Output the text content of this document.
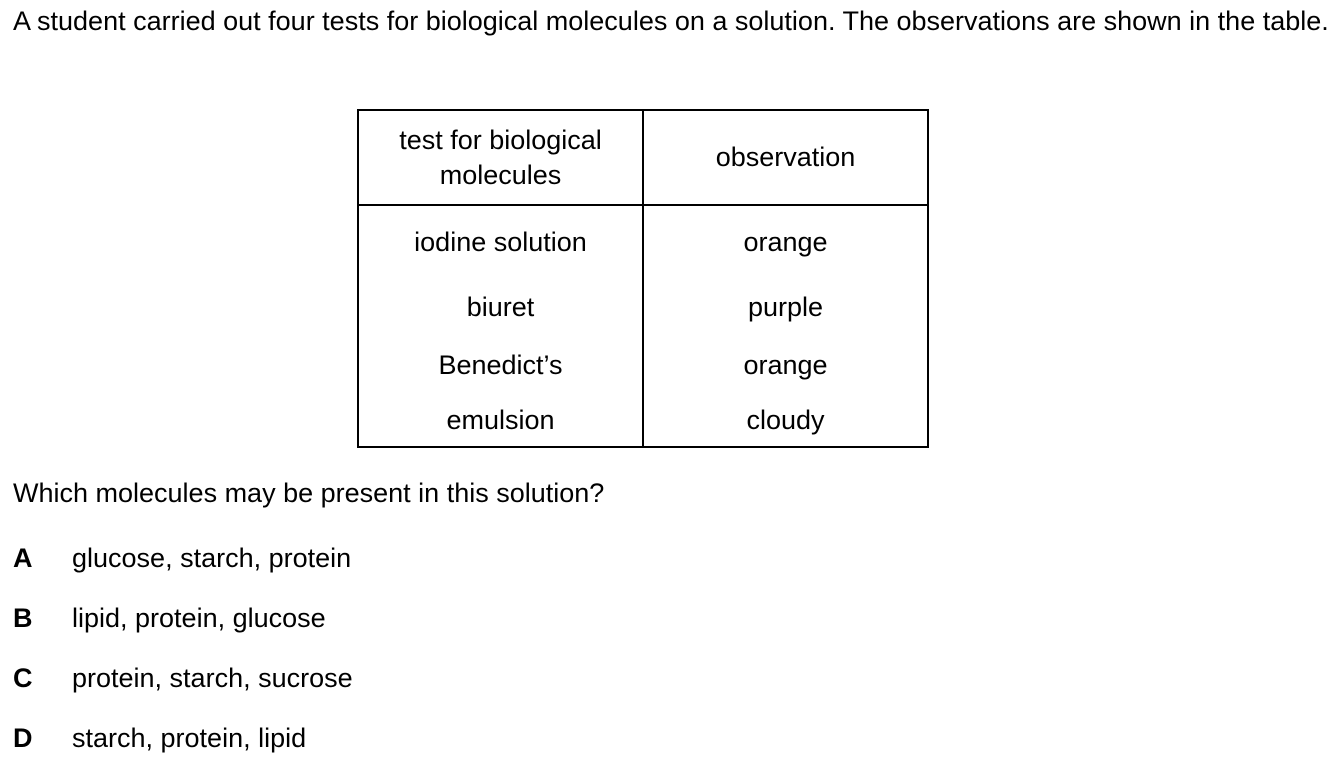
A student carried out four tests for biological molecules on a solution. The observations are shown in the table.

test for biological molecules	observation
iodine solution	orange
biuret	purple
Benedict’s	orange
emulsion	cloudy

Which molecules may be present in this solution?

A glucose, starch, protein
B lipid, protein, glucose
C protein, starch, sucrose
D starch, protein, lipid
